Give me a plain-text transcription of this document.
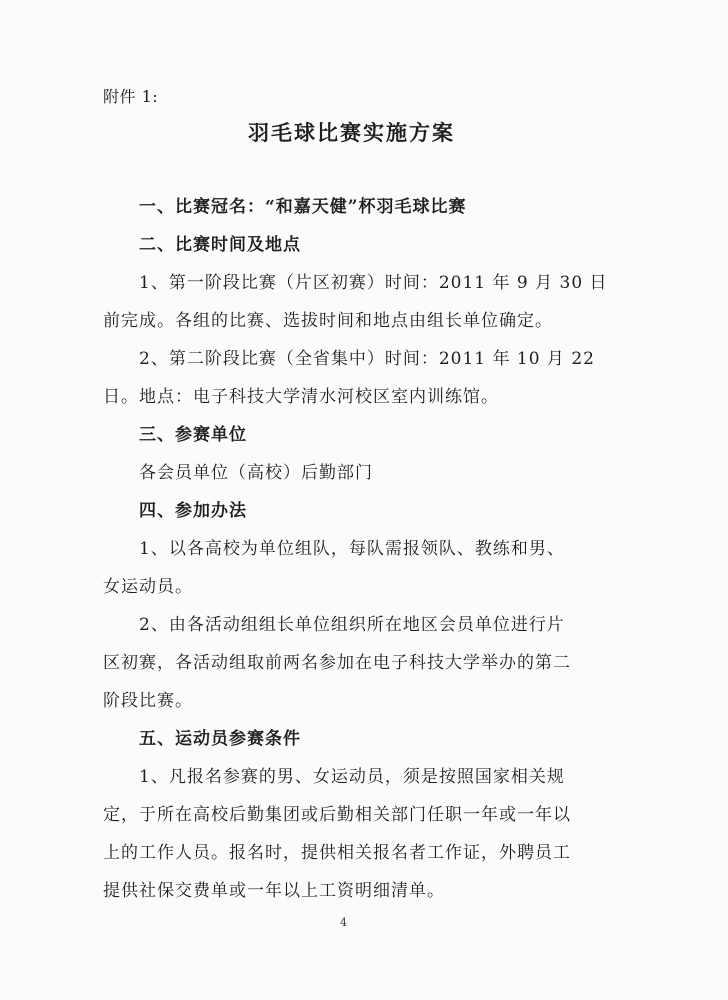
附件 1:
羽毛球比赛实施方案
一、比赛冠名：“和嘉天健”杯羽毛球比赛
二、比赛时间及地点
1、第一阶段比赛（片区初赛）时间：2011 年 9 月 30 日
前完成。各组的比赛、选拔时间和地点由组长单位确定。
2、第二阶段比赛（全省集中）时间：2011 年 10 月 22
日。地点：电子科技大学清水河校区室内训练馆。
三、参赛单位
各会员单位（高校）后勤部门
四、参加办法
1、以各高校为单位组队，每队需报领队、教练和男、
女运动员。
2、由各活动组组长单位组织所在地区会员单位进行片
区初赛，各活动组取前两名参加在电子科技大学举办的第二
阶段比赛。
五、运动员参赛条件
1、凡报名参赛的男、女运动员，须是按照国家相关规
定，于所在高校后勤集团或后勤相关部门任职一年或一年以
上的工作人员。报名时，提供相关报名者工作证，外聘员工
提供社保交费单或一年以上工资明细清单。
4
